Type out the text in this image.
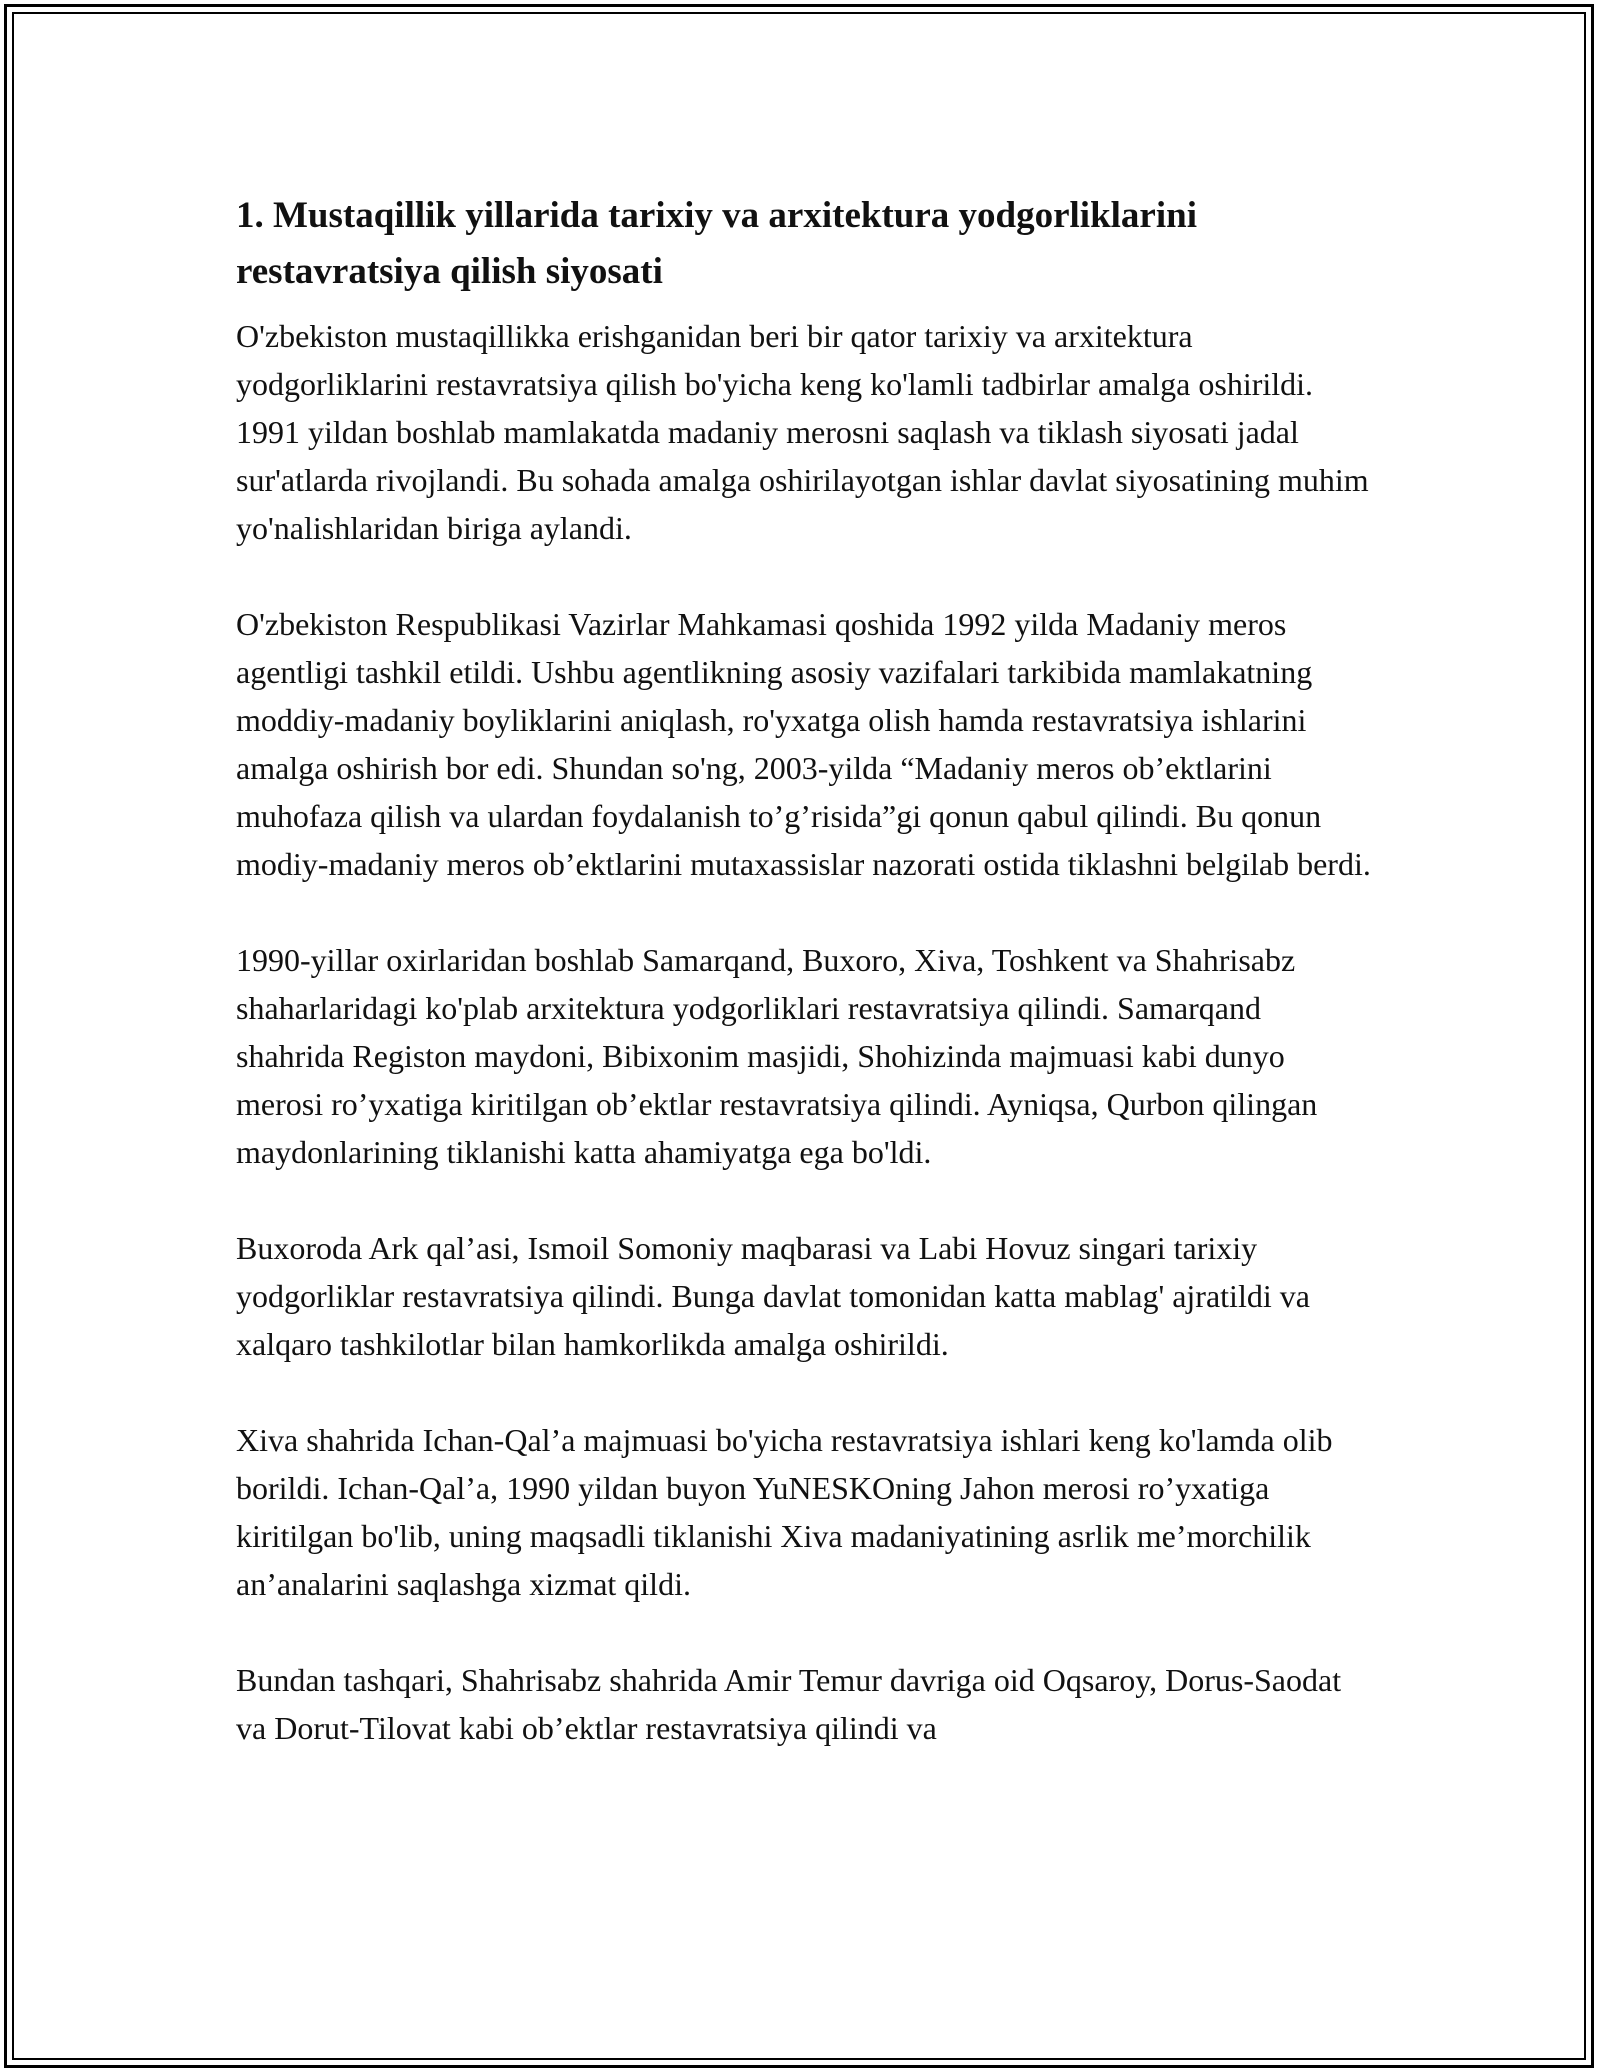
1. Mustaqillik yillarida tarixiy va arxitektura yodgorliklarini restavratsiya qilish siyosati

O'zbekiston mustaqillikka erishganidan beri bir qator tarixiy va arxitektura yodgorliklarini restavratsiya qilish bo'yicha keng ko'lamli tadbirlar amalga oshirildi. 1991 yildan boshlab mamlakatda madaniy merosni saqlash va tiklash siyosati jadal sur'atlarda rivojlandi. Bu sohada amalga oshirilayotgan ishlar davlat siyosatining muhim yo'nalishlaridan biriga aylandi.

O'zbekiston Respublikasi Vazirlar Mahkamasi qoshida 1992 yilda Madaniy meros agentligi tashkil etildi. Ushbu agentlikning asosiy vazifalari tarkibida mamlakatning moddiy-madaniy boyliklarini aniqlash, ro'yxatga olish hamda restavratsiya ishlarini amalga oshirish bor edi. Shundan so'ng, 2003-yilda “Madaniy meros ob’ektlarini muhofaza qilish va ulardan foydalanish to’g’risida”gi qonun qabul qilindi. Bu qonun modiy-madaniy meros ob’ektlarini mutaxassislar nazorati ostida tiklashni belgilab berdi.

1990-yillar oxirlaridan boshlab Samarqand, Buxoro, Xiva, Toshkent va Shahrisabz shaharlaridagi ko'plab arxitektura yodgorliklari restavratsiya qilindi. Samarqand shahrida Registon maydoni, Bibixonim masjidi, Shohizinda majmuasi kabi dunyo merosi ro’yxatiga kiritilgan ob’ektlar restavratsiya qilindi. Ayniqsa, Qurbon qilingan maydonlarining tiklanishi katta ahamiyatga ega bo'ldi.

Buxoroda Ark qal’asi, Ismoil Somoniy maqbarasi va Labi Hovuz singari tarixiy yodgorliklar restavratsiya qilindi. Bunga davlat tomonidan katta mablag' ajratildi va xalqaro tashkilotlar bilan hamkorlikda amalga oshirildi.

Xiva shahrida Ichan-Qal’a majmuasi bo'yicha restavratsiya ishlari keng ko'lamda olib borildi. Ichan-Qal’a, 1990 yildan buyon YuNESKOning Jahon merosi ro’yxatiga kiritilgan bo'lib, uning maqsadli tiklanishi Xiva madaniyatining asrlik me’morchilik an’analarini saqlashga xizmat qildi.

Bundan tashqari, Shahrisabz shahrida Amir Temur davriga oid Oqsaroy, Dorus-Saodat va Dorut-Tilovat kabi ob’ektlar restavratsiya qilindi va
